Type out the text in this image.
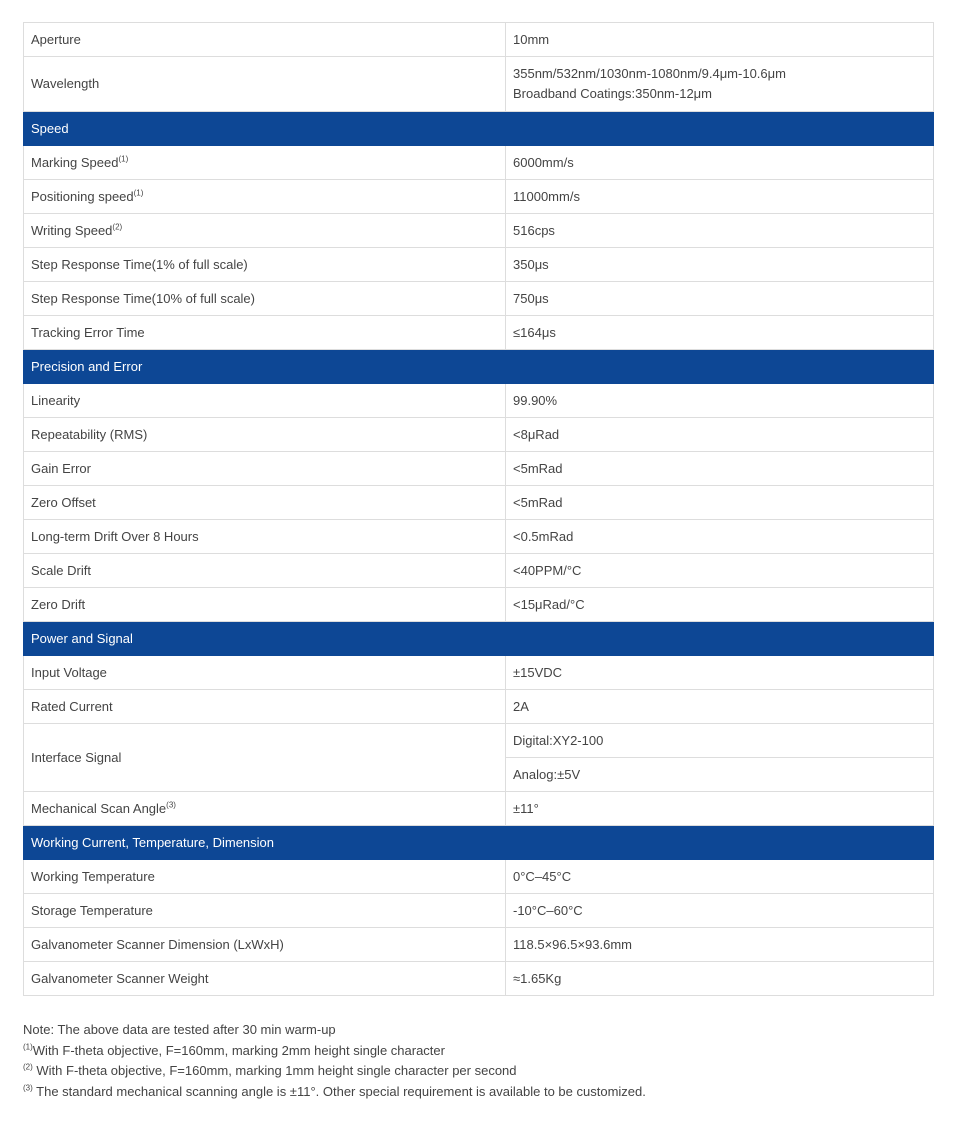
Aperture	10mm
Wavelength	355nm/532nm/1030nm-1080nm/9.4μm-10.6μm
Broadband Coatings:350nm-12μm
Speed	
Marking Speed$^{(1)}$	6000mm/s
Positioning speed$^{(1)}$	11000mm/s
Writing Speed$^{(2)}$	516cps
Step Response Time(1% of full scale)	350μs
Step Response Time(10% of full scale)	750μs
Tracking Error Time	≤164μs
Precision and Error	
Linearity	99.90%
Repeatability (RMS)	<8μRad
Gain Error	<5mRad
Zero Offset	<5mRad
Long-term Drift Over 8 Hours	<0.5mRad
Scale Drift	<40PPM/°C
Zero Drift	<15μRad/°C
Power and Signal	
Input Voltage	±15VDC
Rated Current	2A
Interface Signal	Digital:XY2-100
	Analog:±5V
Mechanical Scan Angle$^{(3)}$	±11°
Working Current, Temperature, Dimension	
Working Temperature	0°C–45°C
Storage Temperature	-10°C–60°C
Galvanometer Scanner Dimension (LxWxH)	118.5×96.5×93.6mm
Galvanometer Scanner Weight	≈1.65Kg

Note: The above data are tested after 30 min warm-up

$^{(1)}$With F-theta objective, F=160mm, marking 2mm height single character

$^{(2)}$ With F-theta objective, F=160mm, marking 1mm height single character per second

$^{(3)}$ The standard mechanical scanning angle is ±11°. Other special requirement is available to be customized.
